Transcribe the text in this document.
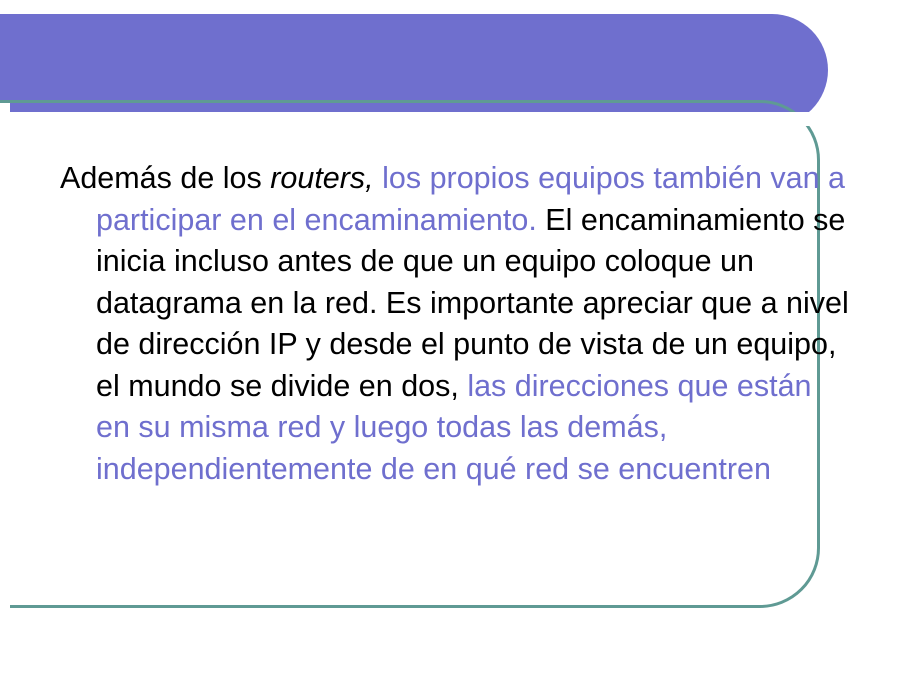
Además de los routers, los propios equipos también van a participar en el encaminamiento. El encaminamiento se inicia incluso antes de que un equipo coloque un datagrama en la red. Es importante apreciar que a nivel de dirección IP y desde el punto de vista de un equipo, el mundo se divide en dos, las direcciones que están en su misma red y luego todas las demás, independientemente de en qué red se encuentren
